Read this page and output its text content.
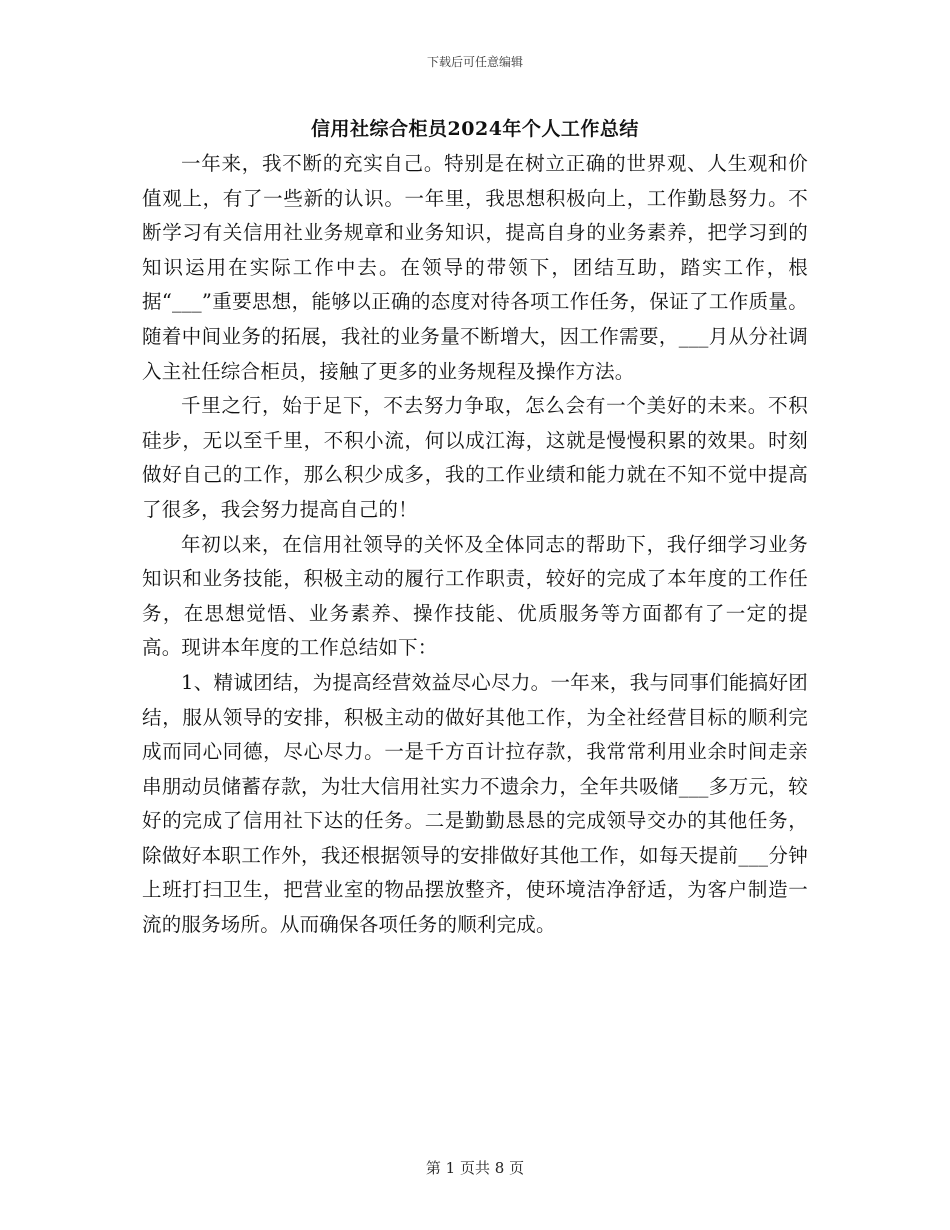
下载后可任意编辑
信用社综合柜员2024年个人工作总结

一年来，我不断的充实自己。特别是在树立正确的世界观、人生观和价值观上，有了一些新的认识。一年里，我思想积极向上，工作勤恳努力。不断学习有关信用社业务规章和业务知识，提高自身的业务素养，把学习到的知识运用在实际工作中去。在领导的带领下，团结互助，踏实工作，根据“___”重要思想，能够以正确的态度对待各项工作任务，保证了工作质量。随着中间业务的拓展，我社的业务量不断增大，因工作需要，___月从分社调入主社任综合柜员，接触了更多的业务规程及操作方法。

千里之行，始于足下，不去努力争取，怎么会有一个美好的未来。不积硅步，无以至千里，不积小流，何以成江海，这就是慢慢积累的效果。时刻做好自己的工作，那么积少成多，我的工作业绩和能力就在不知不觉中提高了很多，我会努力提高自己的！

年初以来，在信用社领导的关怀及全体同志的帮助下，我仔细学习业务知识和业务技能，积极主动的履行工作职责，较好的完成了本年度的工作任务，在思想觉悟、业务素养、操作技能、优质服务等方面都有了一定的提高。现讲本年度的工作总结如下：

1、精诚团结，为提高经营效益尽心尽力。一年来，我与同事们能搞好团结，服从领导的安排，积极主动的做好其他工作，为全社经营目标的顺利完成而同心同德，尽心尽力。一是千方百计拉存款，我常常利用业余时间走亲串朋动员储蓄存款，为壮大信用社实力不遗余力，全年共吸储___多万元，较好的完成了信用社下达的任务。二是勤勤恳恳的完成领导交办的其他任务，除做好本职工作外，我还根据领导的安排做好其他工作，如每天提前___分钟上班打扫卫生，把营业室的物品摆放整齐，使环境洁净舒适，为客户制造一流的服务场所。从而确保各项任务的顺利完成。

第 1 页共 8 页
